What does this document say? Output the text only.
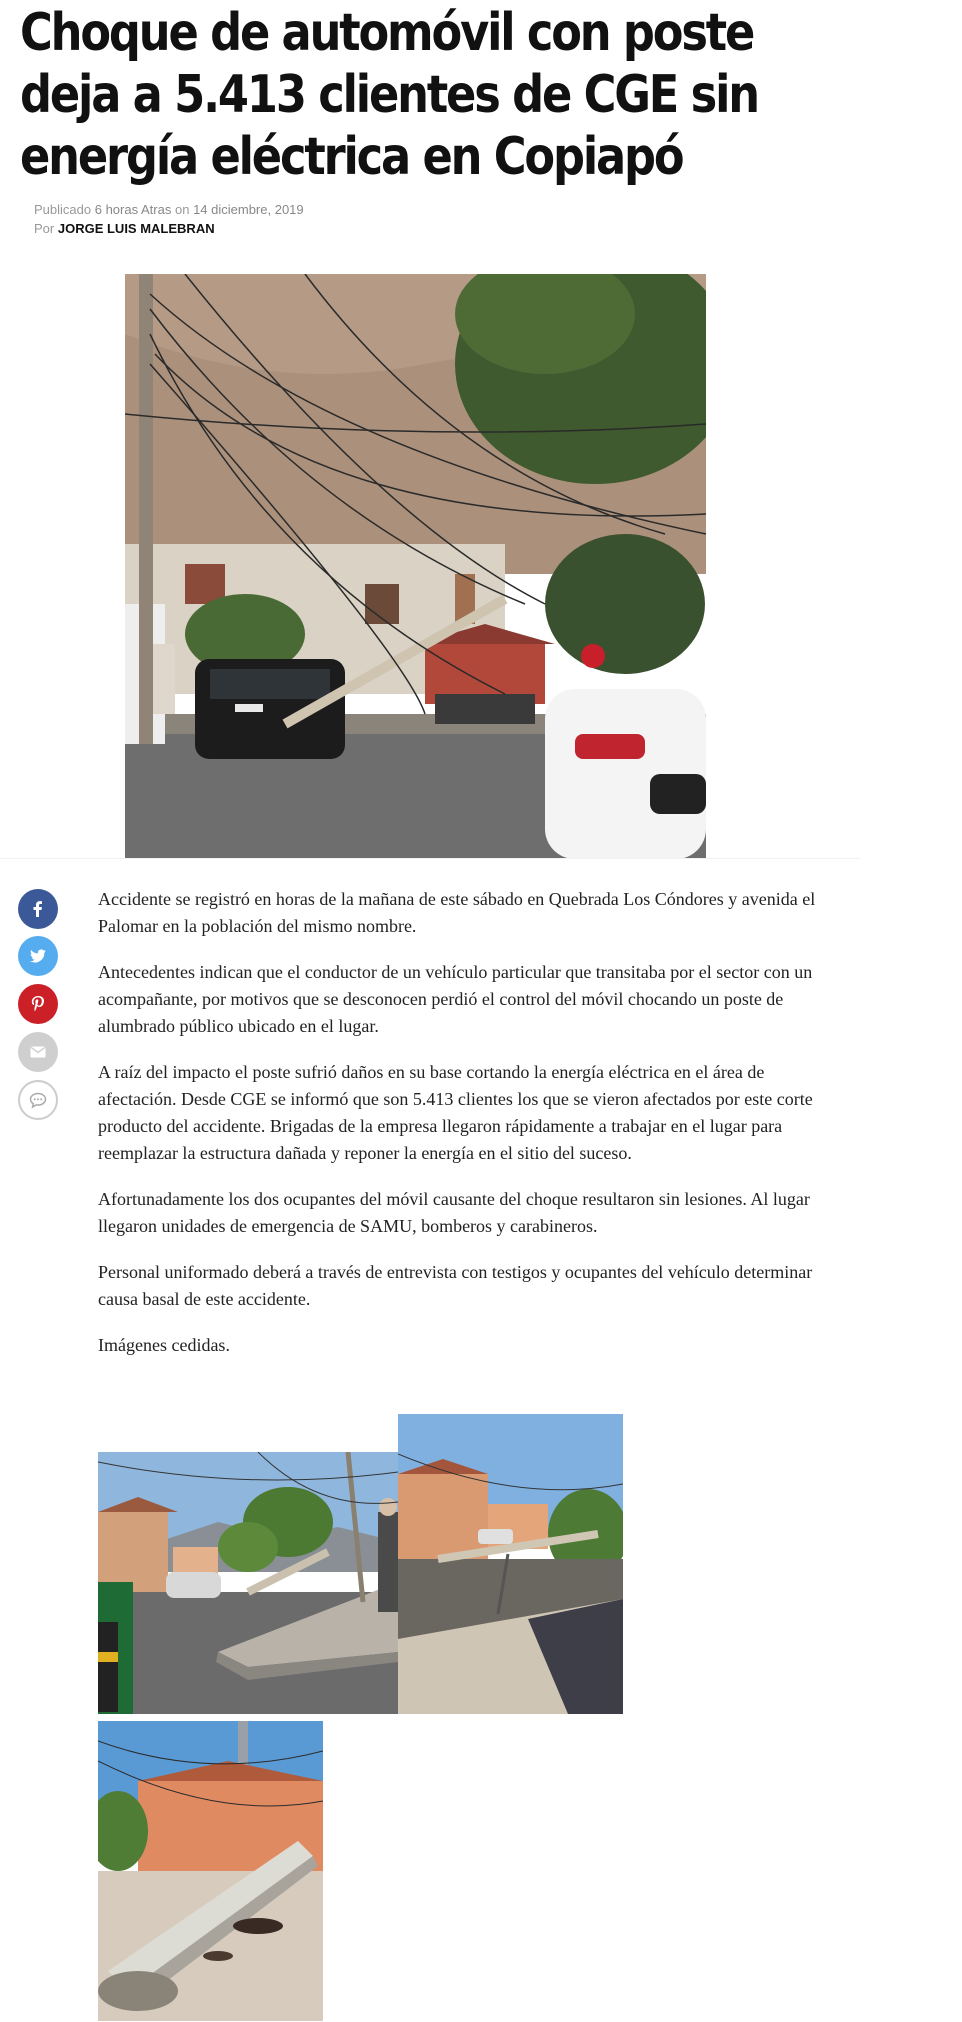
Choque de automóvil con poste deja a 5.413 clientes de CGE sin energía eléctrica en Copiapó
Publicado 6 horas Atras on 14 diciembre, 2019
Por JORGE LUIS MALEBRAN

Accidente se registró en horas de la mañana de este sábado en Quebrada Los Cóndores y avenida el Palomar en la población del mismo nombre.

Antecedentes indican que el conductor de un vehículo particular que transitaba por el sector con un acompañante, por motivos que se desconocen perdió el control del móvil chocando un poste de alumbrado público ubicado en el lugar.

A raíz del impacto el poste sufrió daños en su base cortando la energía eléctrica en el área de afectación. Desde CGE se informó que son 5.413 clientes los que se vieron afectados por este corte producto del accidente. Brigadas de la empresa llegaron rápidamente a trabajar en el lugar para reemplazar la estructura dañada y reponer la energía en el sitio del suceso.

Afortunadamente los dos ocupantes del móvil causante del choque resultaron sin lesiones. Al lugar llegaron unidades de emergencia de SAMU, bomberos y carabineros.

Personal uniformado deberá a través de entrevista con testigos y ocupantes del vehículo determinar causa basal de este accidente.

Imágenes cedidas.
